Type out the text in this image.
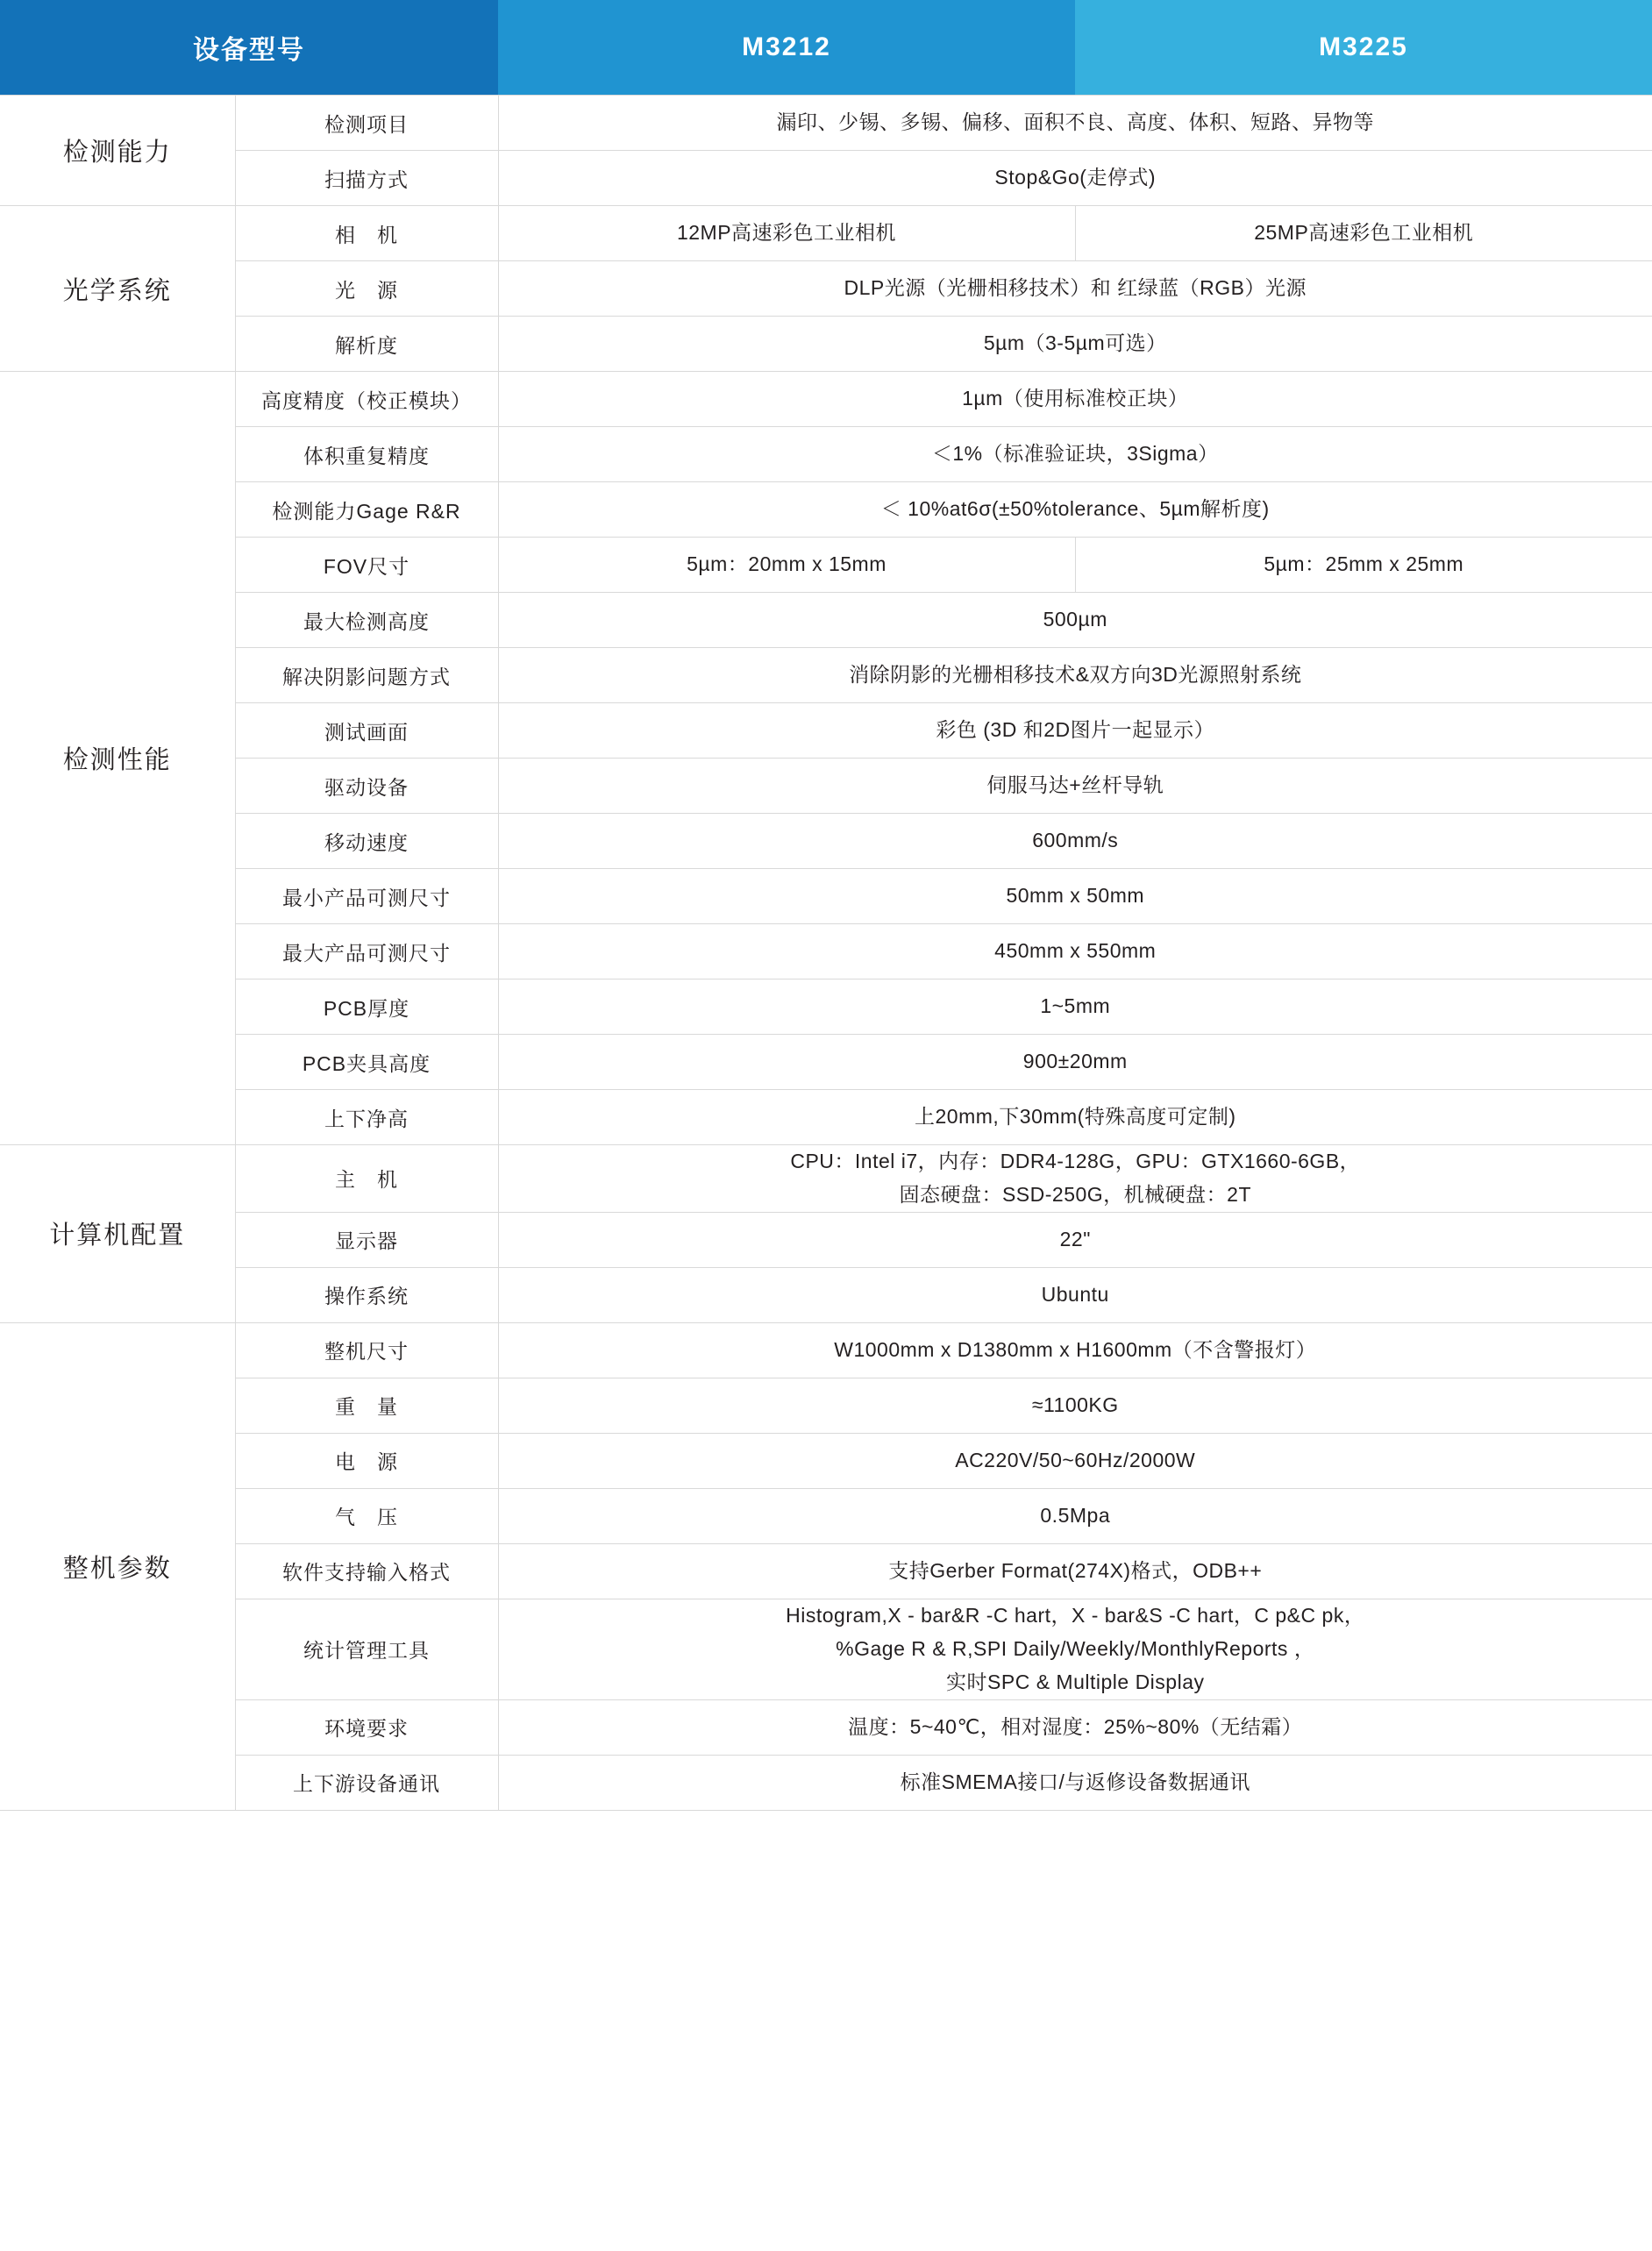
设备型号		M3212	M3225
检测能力	检测项目	漏印、少锡、多锡、偏移、面积不良、高度、体积、短路、异物等	
	扫描方式	Stop&Go(走停式)	
光学系统	相　机	12MP高速彩色工业相机	25MP高速彩色工业相机
	光　源	DLP光源（光栅相移技术）和 红绿蓝（RGB）光源	
	解析度	5µm（3-5µm可选）	
检测性能	高度精度（校正模块）	1µm（使用标准校正块）	
	体积重复精度	＜1%（标准验证块，3Sigma）	
	检测能力Gage R&R	＜ 10%at6σ(±50%tolerance、5µm解析度)	
	FOV尺寸	5µm：20mm x 15mm	5µm：25mm x 25mm
	最大检测高度	500µm	
	解决阴影问题方式	消除阴影的光栅相移技术&双方向3D光源照射系统	
	测试画面	彩色 (3D 和2D图片一起显示）	
	驱动设备	伺服马达+丝杆导轨	
	移动速度	600mm/s	
	最小产品可测尺寸	50mm x 50mm	
	最大产品可测尺寸	450mm x 550mm	
	PCB厚度	1~5mm	
	PCB夹具高度	900±20mm	
	上下净高	上20mm,下30mm(特殊高度可定制)	
计算机配置	主　机	CPU：Intel i7，内存：DDR4-128G，GPU：GTX1660-6GB，
固态硬盘：SSD-250G，机械硬盘：2T	
	显示器	22"	
	操作系统	Ubuntu	
整机参数	整机尺寸	W1000mm x D1380mm x H1600mm（不含警报灯）	
	重　量	≈1100KG	
	电　源	AC220V/50~60Hz/2000W	
	气　压	0.5Mpa	
	软件支持输入格式	支持Gerber Format(274X)格式，ODB++	
	统计管理工具	Histogram,X - bar&R -C hart，X - bar&S -C hart，C p&C pk，
%Gage R & R,SPI Daily/Weekly/MonthlyReports ，
实时SPC & Multiple Display	
	环境要求	温度：5~40℃，相对湿度：25%~80%（无结霜）	
	上下游设备通讯	标准SMEMA接口/与返修设备数据通讯	
